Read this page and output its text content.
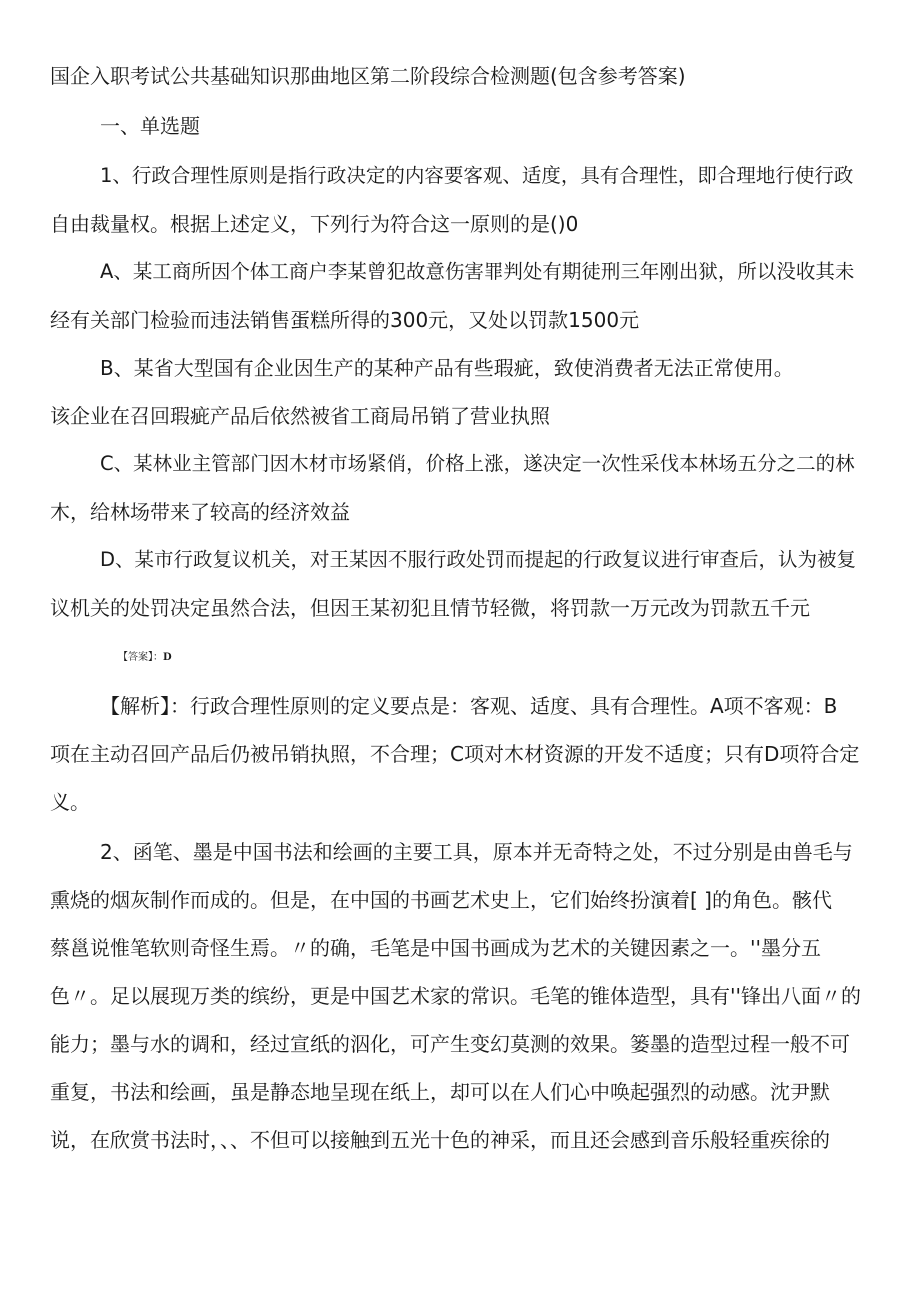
国企入职考试公共基础知识那曲地区第二阶段综合检测题(包含参考答案)
一、单选题
1、行政合理性原则是指行政决定的内容要客观、适度，具有合理性，即合理地行使行政
自由裁量权。根据上述定义，下列行为符合这一原则的是()0
A、某工商所因个体工商户李某曾犯故意伤害罪判处有期徒刑三年刚出狱，所以没收其未
经有关部门检验而违法销售蛋糕所得的300元，又处以罚款1500元
B、某省大型国有企业因生产的某种产品有些瑕疵，致使消费者无法正常使用。
该企业在召回瑕疵产品后依然被省工商局吊销了营业执照
C、某林业主管部门因木材市场紧俏，价格上涨，遂决定一次性采伐本林场五分之二的林
木，给林场带来了较高的经济效益
D、某市行政复议机关，对王某因不服行政处罚而提起的行政复议进行审查后，认为被复
议机关的处罚决定虽然合法，但因王某初犯且情节轻微，将罚款一万元改为罚款五千元
【答案】：D
【解析】：行政合理性原则的定义要点是：客观、适度、具有合理性。A项不客观：B
项在主动召回产品后仍被吊销执照，不合理；C项对木材资源的开发不适度；只有D项符合定
义。
2、函笔、墨是中国书法和绘画的主要工具，原本并无奇特之处，不过分别是由兽毛与
熏烧的烟灰制作而成的。但是，在中国的书画艺术史上，它们始终扮演着[ ]的角色。骸代
蔡邕说惟笔软则奇怪生焉。〃的确，毛笔是中国书画成为艺术的关键因素之一。''墨分五
色〃。足以展现万类的缤纷，更是中国艺术家的常识。毛笔的锥体造型，具有''锋出八面〃的
能力；墨与水的调和，经过宣纸的泅化，可产生变幻莫测的效果。篓墨的造型过程一般不可
重复，书法和绘画，虽是静态地呈现在纸上，却可以在人们心中唤起强烈的动感。沈尹默
说，在欣赏书法时，、、不但可以接触到五光十色的神采，而且还会感到音乐般轻重疾徐的
